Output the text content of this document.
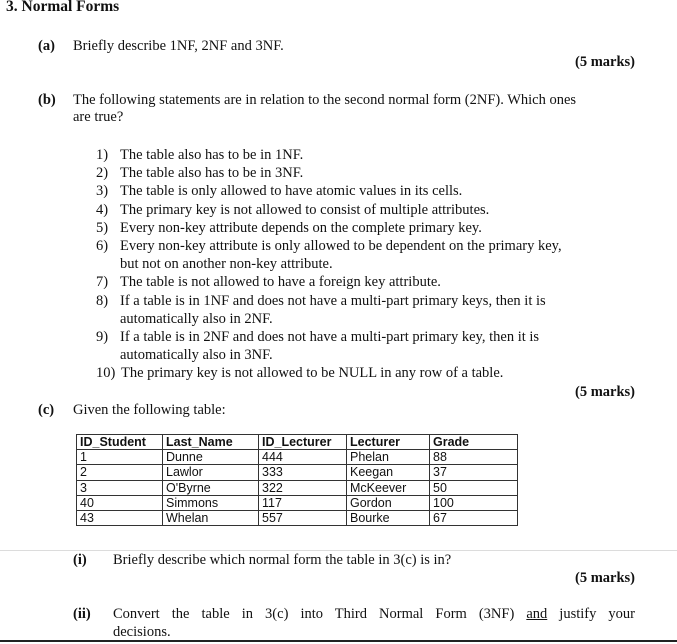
3. Normal Forms
(a) Briefly describe 1NF, 2NF and 3NF.
(5 marks)
(b) The following statements are in relation to the second normal form (2NF). Which ones
are true?
1) The table also has to be in 1NF.
2) The table also has to be in 3NF.
3) The table is only allowed to have atomic values in its cells.
4) The primary key is not allowed to consist of multiple attributes.
5) Every non-key attribute depends on the complete primary key.
6) Every non-key attribute is only allowed to be dependent on the primary key,
but not on another non-key attribute.
7) The table is not allowed to have a foreign key attribute.
8) If a table is in 1NF and does not have a multi-part primary keys, then it is
automatically also in 2NF.
9) If a table is in 2NF and does not have a multi-part primary key, then it is
automatically also in 3NF.
10) The primary key is not allowed to be NULL in any row of a table.
(5 marks)
(c) Given the following table:
ID_Student	Last_Name	ID_Lecturer	Lecturer	Grade
1	Dunne	444	Phelan	88
2	Lawlor	333	Keegan	37
3	O'Byrne	322	McKeever	50
40	Simmons	117	Gordon	100
43	Whelan	557	Bourke	67
(i) Briefly describe which normal form the table in 3(c) is in?
(5 marks)
(ii) Convert the table in 3(c) into Third Normal Form (3NF) and justify your
decisions.
